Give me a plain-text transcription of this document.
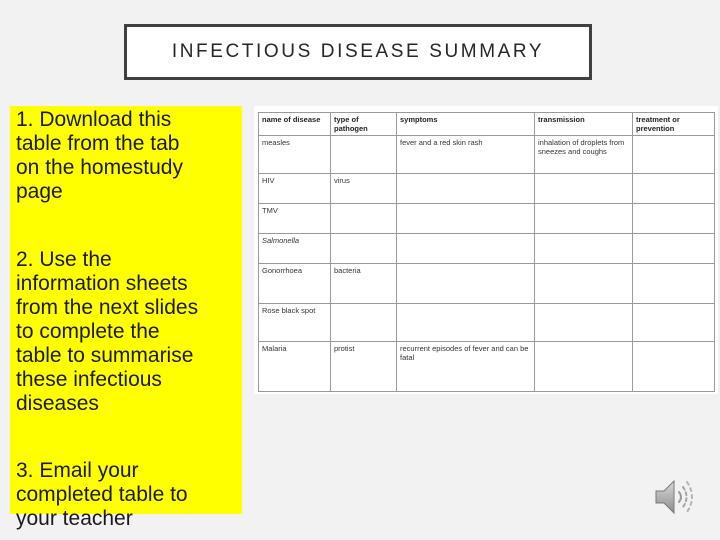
INFECTIOUS DISEASE SUMMARY
1. Download this
table from the tab
on the homestudy
page
2. Use the
information sheets
from the next slides
to complete the
table to summarise
these infectious
diseases
3. Email your
completed table to
your teacher
name of disease	type of pathogen	symptoms	transmission	treatment or prevention
measles		fever and a red skin rash	inhalation of droplets from sneezes and coughs	
HIV	virus			
TMV				
Salmonella				
Gonorrhoea	bacteria			
Rose black spot				
Malaria	protist	recurrent episodes of fever and can be fatal		
